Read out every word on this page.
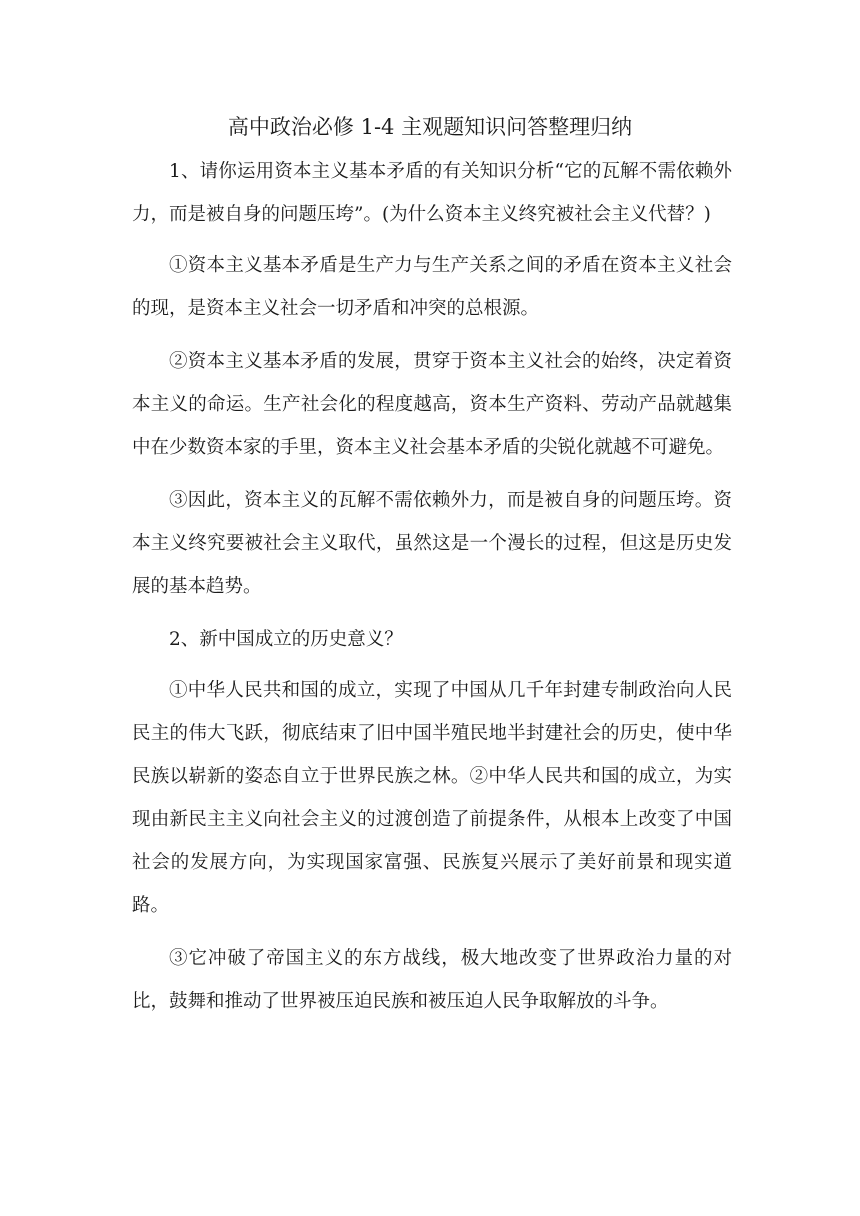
高中政治必修 1-4 主观题知识问答整理归纳

1、请你运用资本主义基本矛盾的有关知识分析“它的瓦解不需依赖外力，而是被自身的问题压垮”。(为什么资本主义终究被社会主义代替？)

①资本主义基本矛盾是生产力与生产关系之间的矛盾在资本主义社会的现，是资本主义社会一切矛盾和冲突的总根源。

②资本主义基本矛盾的发展，贯穿于资本主义社会的始终，决定着资本主义的命运。生产社会化的程度越高，资本生产资料、劳动产品就越集中在少数资本家的手里，资本主义社会基本矛盾的尖锐化就越不可避免。

③因此，资本主义的瓦解不需依赖外力，而是被自身的问题压垮。资本主义终究要被社会主义取代，虽然这是一个漫长的过程，但这是历史发展的基本趋势。

2、新中国成立的历史意义？

①中华人民共和国的成立，实现了中国从几千年封建专制政治向人民民主的伟大飞跃，彻底结束了旧中国半殖民地半封建社会的历史，使中华民族以崭新的姿态自立于世界民族之林。②中华人民共和国的成立，为实现由新民主主义向社会主义的过渡创造了前提条件，从根本上改变了中国社会的发展方向，为实现国家富强、民族复兴展示了美好前景和现实道路。

③它冲破了帝国主义的东方战线，极大地改变了世界政治力量的对比，鼓舞和推动了世界被压迫民族和被压迫人民争取解放的斗争。
